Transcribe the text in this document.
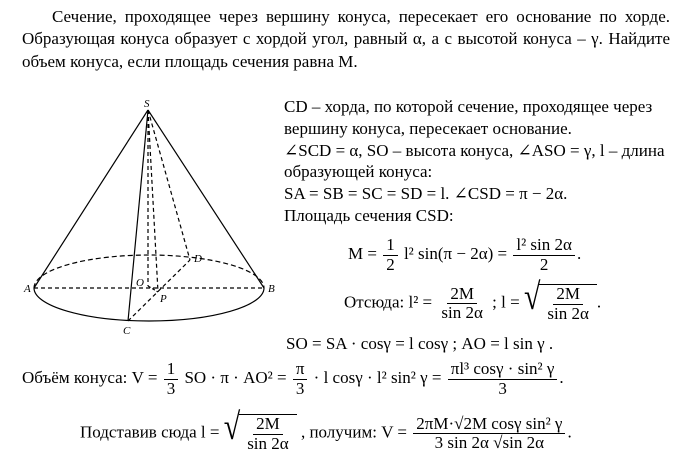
Сечение, проходящее через вершину конуса, пересекает его основание по хорде. Образующая конуса образует с хордой угол, равный α, а с высотой конуса – γ. Найдите объем конуса, если площадь сечения равна M.
S
A	B
O
D
P
C
CD – хорда, по которой сечение, проходящее через вершину конуса, пересекает основание.
∠SCD = α, SO – высота конуса, ∠ASO = γ, l – длина образующей конуса:
SA = SB = SC = SD = l. ∠CSD = π − 2α.
Площадь сечения CSD:
$M = \frac{1}{2} l^2$ $\sin(\pi - 2\alpha) = \frac{\text{l² sin 2α}}{2}$ .
Отсюда: $l^2 = \frac{2M}{\sin 2\alpha}$ ; l = √ $\frac{2M}{\sin 2\alpha}$ .
SO = SA · cosγ = l cosγ ; AO = l sin γ .
Объём конуса: $V = \frac{1}{3}$ SO · $\pi \cdot AO^2 = \frac{\pi}{3} \cdot l$ cosγ · l² sin² $\gamma = \frac{\text{πl³ cosγ · sin² γ}}{3}$ .
Подставив сюда l = √ $\frac{2M}{\sin 2\alpha}$ , получим: $V = \frac{\text{2πM·√2M cosγ sin² γ}}{3 \sin 2\alpha √\sin 2\alpha}$ .
